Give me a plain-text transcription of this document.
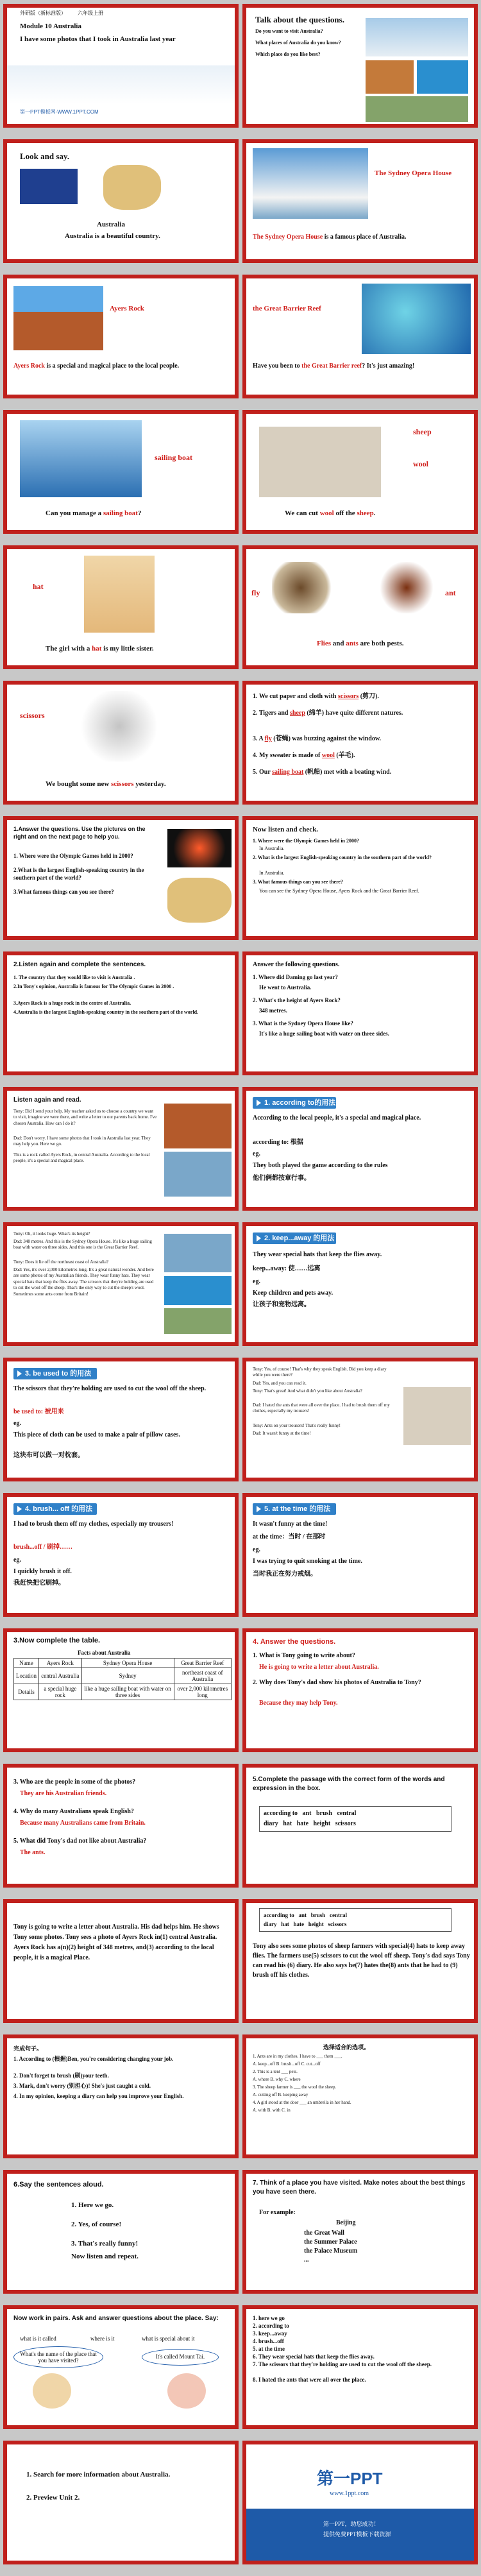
外研版（新标准版） 六年级上册
Module 10 Australia
I have some photos that I took in Australia last year
第一PPT模板网-WWW.1PPT.COM
Talk about the questions.
Do you want to visit Australia?
What places of Australia do you know?
Which place do you like best?
Look and say.
Australia
Australia is a beautiful country.
The Sydney Opera House
The Sydney Opera House is a famous place of Australia.
Ayers Rock
Ayers Rock is a special and magical place to the local people.
the Great Barrier Reef
Have you been to the Great Barrier reef? It's just amazing!
sailing boat
Can you manage a sailing boat?
sheep
wool
We can cut wool off the sheep.
hat
The girl with a hat is my little sister.
fly	ant
Flies and ants are both pests.
scissors
We bought some new scissors yesterday.
1. We cut paper and cloth with scissors (剪刀).
2. Tigers and sheep (绵羊) have quite different natures.
3. A fly (苍蝇) was buzzing against the window.
4. My sweater is made of wool (羊毛).
5. Our sailing boat (帆船) met with a beating wind.
1.Answer the questions. Use the pictures on the right and on the next page to help you.
1. Where were the Olympic Games held in 2000?
2.What is the largest English-speaking country in the southern part of the world?
3.What famous things can you see there?
Now listen and check.
1. Where were the Olympic Games held in 2000?
In Australia.
2. What is the largest English-speaking country in the southern part of the world?
In Australia.
3. What famous things can you see there?
You can see the Sydney Opera House, Ayers Rock and the Great Barrier Reef.
2.Listen again and complete the sentences.
1. The country that they would like to visit is Australia .
2.In Tony's opinion, Australia is famous for The Olympic Games in 2000 .
3.Ayers Rock is a huge rock in the centre of Australia.
4.Australia is the largest English-speaking country in the southern part of the world.
Answer the following questions.
1. Where did Daming go last year?
He went to Australia.
2. What's the height of Ayers Rock?
348 metres.
3. What is the Sydney Opera House like?
It's like a huge sailing boat with water on three sides.
Listen again and read.
Tony: Did I send your help. My teacher asked us to choose a country we want to visit, imagine we were there, and write a letter to our parents back home. I've chosen Australia. How can I do it?
Dad: Don't worry. I have some photos that I took in Australia last year. They may help you. Here we go.
This is a rock called Ayers Rock, in central Australia. According to the local people, it's a special and magical place.
1. according to的用法
According to the local people, it's a special and magical place.
according to: 根据
eg.
They both played the game according to the rules
他们俩都按章行事。
Tony: Oh, it looks huge. What's its height?
Dad: 348 metres. And this is the Sydney Opera House. It's like a huge sailing boat with water on three sides. And this one is the Great Barrier Reef.
Tony: Does it lie off the northeast coast of Australia?
Dad: Yes, it's over 2,000 kilometres long. It's a great natural wonder. And here are some photos of my Australian friends. They wear funny hats. They wear special hats that keep the flies away. The scissors that they're holding are used to cut the wool off the sheep. That's the only way to cut the sheep's wool. Sometimes some ants come from Britain!
2. keep...away 的用法
They wear special hats that keep the flies away.
keep...away: 使……远离
eg.
Keep children and pets away.
让孩子和宠物远离。
3. be used to 的用法
The scissors that they're holding are used to cut the wool off the sheep.
be used to: 被用来
eg.
This piece of cloth can be used to make a pair of pillow cases.
这块布可以做一对枕套。
Tony: Yes, of course! That's why they speak English. Did you keep a diary while you were there?
Dad: Yes, and you can read it.
Tony: That's great! And what didn't you like about Australia?
Dad: I hated the ants that were all over the place. I had to brush them off my clothes, especially my trousers!
Tony: Ants on your trousers! That's really funny!
Dad: It wasn't funny at the time!
4. brush... off 的用法
I had to brush them off my clothes, especially my trousers!
brush...off / 刷掉……
eg.
I quickly brush it off.
我赶快把它刷掉。
5. at the time 的用法
It wasn't funny at the time!
at the time：当时 / 在那时
eg.
I was trying to quit smoking at the time.
当时我正在努力戒烟。
3.Now complete the table.
Facts about Australia
Name	Ayers Rock	Sydney Opera House	Great Barrier Reef
Location	central Australia	Sydney	northeast coast of Australia
Details	a special huge rock	like a huge sailing boat with water on three sides	over 2,000 kilometres long
4. Answer the questions.
1. What is Tony going to write about?
He is going to write a letter about Australia.
2. Why does Tony's dad show his photos of Australia to Tony?
Because they may help Tony.
3. Who are the people in some of the photos?
They are his Australian friends.
4. Why do many Australians speak English?
Because many Australians came from Britain.
5. What did Tony's dad not like about Australia?
The ants.
5.Complete the passage with the correct form of the words and expression in the box.
according to ant brush central
diary hat hate height scissors
Tony is going to write a letter about Australia. His dad helps him. He shows Tony some photos. Tony sees a photo of Ayers Rock in(1) central Australia. Ayers Rock has a(n)(2) height of 348 metres, and(3) according to the local people, it is a magical Place.
according to ant brush central
diary hat hate height scissors
Tony also sees some photos of sheep farmers with special(4) hats to keep away flies. The farmers use(5) scissors to cut the wool off sheep. Tony's dad says Tony can read his (6) diary. He also says he(7) hates the(8) ants that he had to (9) brush off his clothes.
完成句子。
1. According to (根据)Ben, you're considering changing your job.
2. Don't forget to brush (刷)your teeth.
3. Mark, don't worry (别担心)! She's just caught a cold.
4. In my opinion, keeping a diary can help you improve your English.
选择适合的选项。
1. Ants are in my clothes. I have to ___ them ___.
A. keep...off B. brush...off C. cut...off
2. This is a tent ___ pets.
A. where B. why C. where
3. The sheep farmer is ___ the wool the sheep.
A. cutting off B. keeping away
4. A girl stood at the door ___ an umbrella in her hand.
A. with B. with C. in
6.Say the sentences aloud.
1. Here we go.
2. Yes, of course!
3. That's really funny!
Now listen and repeat.
7. Think of a place you have visited. Make notes about the best things you have seen there.
For example:
Beijing
the Great Wall
the Summer Palace
the Palace Museum
...
Now work in pairs. Ask and answer questions about the place. Say:
what is it called	where is it	what is special about it
What's the name of the place that you have visited?
It's called Mount Tai.
1. here we go
2. according to
3. keep...away
4. brush...off
5. at the time
6. They wear special hats that keep the flies away.
7. The scissors that they're holding are used to cut the wool off the sheep.
8. I hated the ants that were all over the place.
1. Search for more information about Australia.
2. Preview Unit 2.
第一PPT
www.1ppt.com
第一PPT，助您成功！
提供免费PPT模板下载资源
